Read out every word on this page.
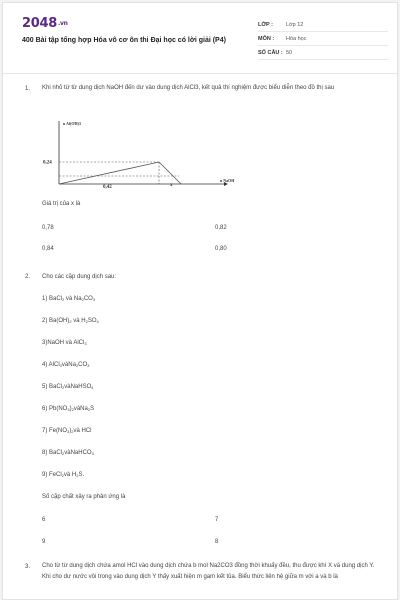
2048.vn
400 Bài tập tổng hợp Hóa vô cơ ôn thi Đại học có lời giải (P4)
LỚP :	Lớp 12
MÔN :	Hóa học
SỐ CÂU : 50
1. Khi nhỏ từ từ dung dịch NaOH đến dư vào dung dịch AlCl3, kết quả thí nghiệm được biểu diễn theo đồ thị sau
n Al(OH)3
n NaOH
0,24
0,42	x
Giá trị của x là
0,78	0,82
0,84	0,80
2. Cho các cặp dung dịch sau:
1) BaCl$_2$ và $Na_2CO_3$
2) $Ba(OH)_2$ và $H_2SO_4$
3)NaOH và AlCl$_3$
4) $AlCl_3vàNa_2CO_3$
5) BaCl$_2$vàNaHSO$_4$
6) $Pb(NO_3)_2vàNa_2S$
7) $Fe(NO_3)_2và$ HCl
8) BaCl$_2$vàNaHCO$_3$
9) FeCl$_2$và $H_2S$.
Số cặp chất xảy ra phản ứng là
6	7
9	8
3. Cho từ từ dung dịch chứa amol HCl vào dung dịch chứa b mol Na2CO3 đồng thời khuấy đều, thu được khí X và dung dịch Y. Khi cho dư nước vôi trong vào dung dịch Y thấy xuất hiện m gam kết tủa. Biểu thức liên hệ giữa m với a và b là
